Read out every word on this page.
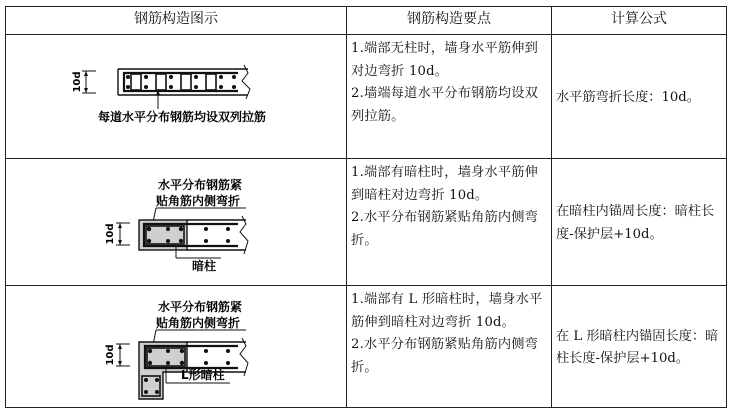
钢筋构造图示	钢筋构造要点	计算公式
10d
每道水平分布钢筋均设双列拉筋
1.端部无柱时，墙身水平筋伸到对边弯折 10d。
2.墙端每道水平分布钢筋均设双列拉筋。
水平筋弯折长度：10d。
水平分布钢筋紧
贴角筋内侧弯折
10d
暗柱
1.端部有暗柱时，墙身水平筋伸到暗柱对边弯折 10d。
2.水平分布钢筋紧贴角筋内侧弯折。
在暗柱内锚周长度：暗柱长度-保护层+10d。
水平分布钢筋紧
贴角筋内侧弯折
10d
L形暗柱
1.端部有 L 形暗柱时，墙身水平筋伸到暗柱对边弯折 10d。
2.水平分布钢筋紧贴角筋内侧弯折。
在 L 形暗柱内锚固长度：暗柱长度-保护层+10d。
